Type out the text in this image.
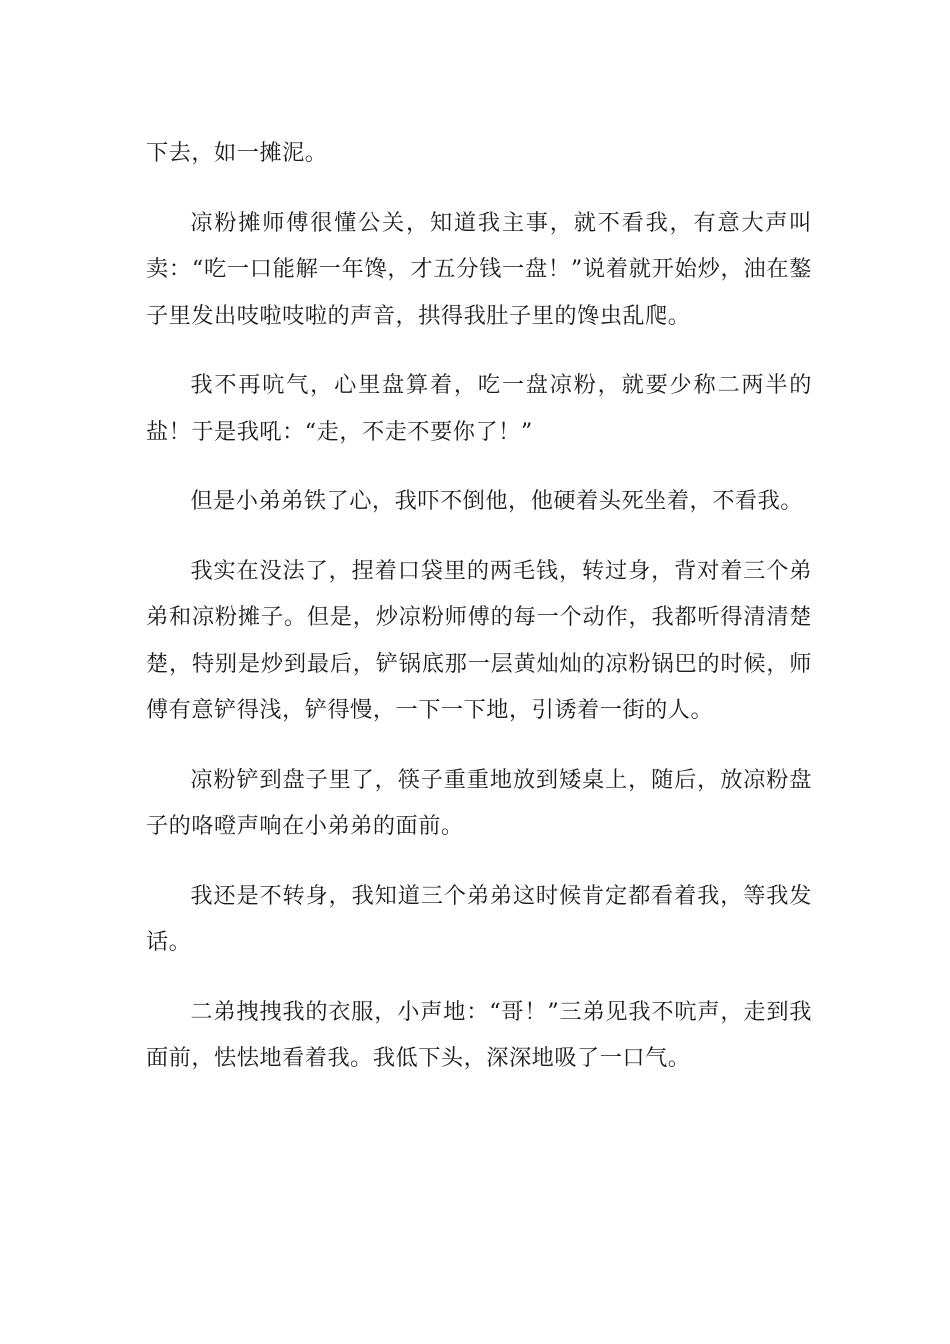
下去，如一摊泥。

凉粉摊师傅很懂公关，知道我主事，就不看我，有意大声叫卖：“吃一口能解一年馋，才五分钱一盘！”说着就开始炒，油在鏊子里发出吱啦吱啦的声音，拱得我肚子里的馋虫乱爬。

我不再吭气，心里盘算着，吃一盘凉粉，就要少称二两半的盐！于是我吼：“走，不走不要你了！”

但是小弟弟铁了心，我吓不倒他，他硬着头死坐着，不看我。

我实在没法了，捏着口袋里的两毛钱，转过身，背对着三个弟弟和凉粉摊子。但是，炒凉粉师傅的每一个动作，我都听得清清楚楚，特别是炒到最后，铲锅底那一层黄灿灿的凉粉锅巴的时候，师傅有意铲得浅，铲得慢，一下一下地，引诱着一街的人。

凉粉铲到盘子里了，筷子重重地放到矮桌上，随后，放凉粉盘子的咯噔声响在小弟弟的面前。

我还是不转身，我知道三个弟弟这时候肯定都看着我，等我发话。

二弟拽拽我的衣服，小声地：“哥！”三弟见我不吭声，走到我面前，怯怯地看着我。我低下头，深深地吸了一口气。
